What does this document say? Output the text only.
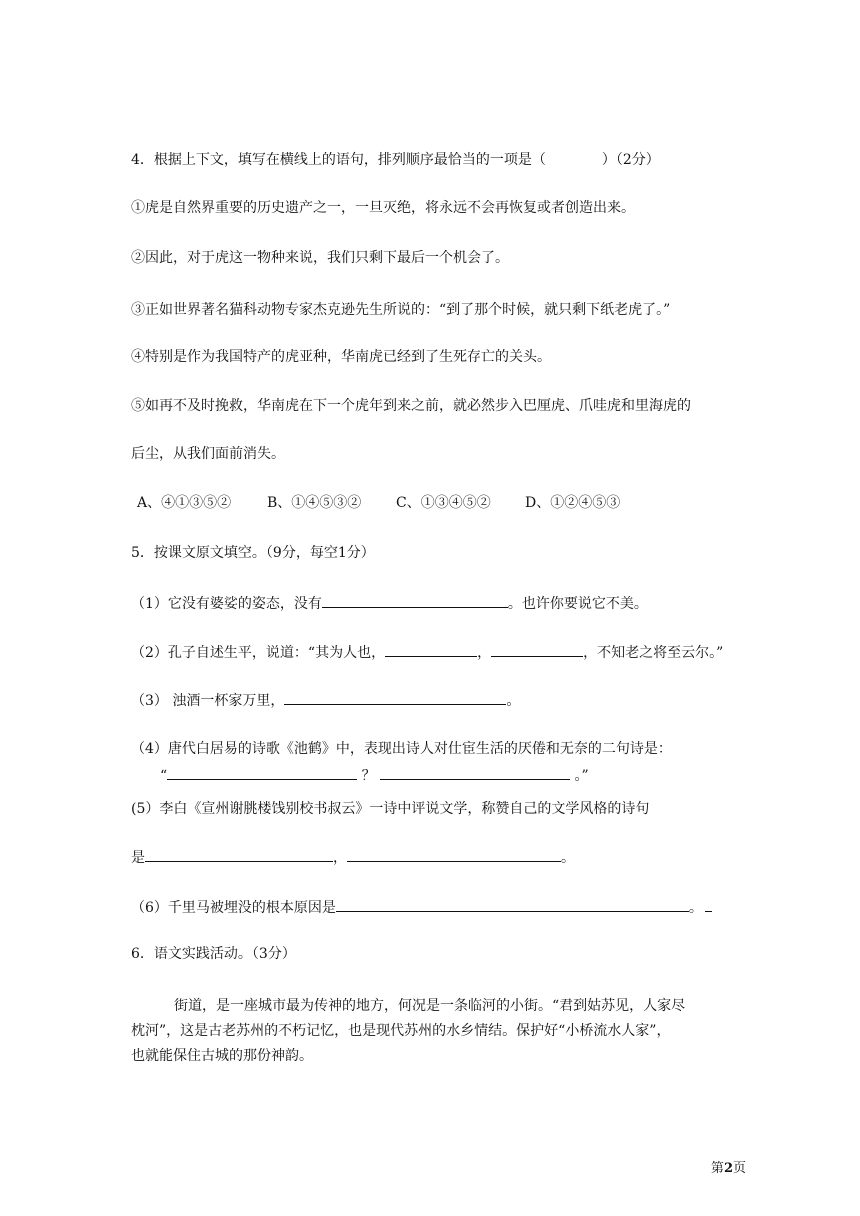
4．根据上下文，填写在横线上的语句，排列顺序最恰当的一项是（　　　　）（2分）
①虎是自然界重要的历史遗产之一，一旦灭绝，将永远不会再恢复或者创造出来。
②因此，对于虎这一物种来说，我们只剩下最后一个机会了。
③正如世界著名猫科动物专家杰克逊先生所说的：“到了那个时候，就只剩下纸老虎了。”
④特别是作为我国特产的虎亚种，华南虎已经到了生死存亡的关头。
⑤如再不及时挽救，华南虎在下一个虎年到来之前，就必然步入巴厘虎、爪哇虎和里海虎的
后尘，从我们面前消失。
A、④①③⑤②	B、①④⑤③② C、①③④⑤② D、①②④⑤③
5．按课文原文填空。（9分，每空1分）
（1）它没有婆娑的姿态，没有	。也许你要说它不美。
（2）孔子自述生平，说道：“其为人也，	，	，不知老之将至云尔。”
（3） 浊酒一杯家万里，	。
（4）唐代白居易的诗歌《池鹤》中，表现出诗人对仕宦生活的厌倦和无奈的二句诗是：
“	？	。”
(5）李白《宣州谢朓楼饯别校书叔云》一诗中评说文学，称赞自己的文学风格的诗句
是	，	。
（6）千里马被埋没的根本原因是	。
6．语文实践活动。（3分）
街道，是一座城市最为传神的地方，何况是一条临河的小街。“君到姑苏见，人家尽
枕河”，这是古老苏州的不朽记忆，也是现代苏州的水乡情结。保护好“小桥流水人家”，
也就能保住古城的那份神韵。
第2页
